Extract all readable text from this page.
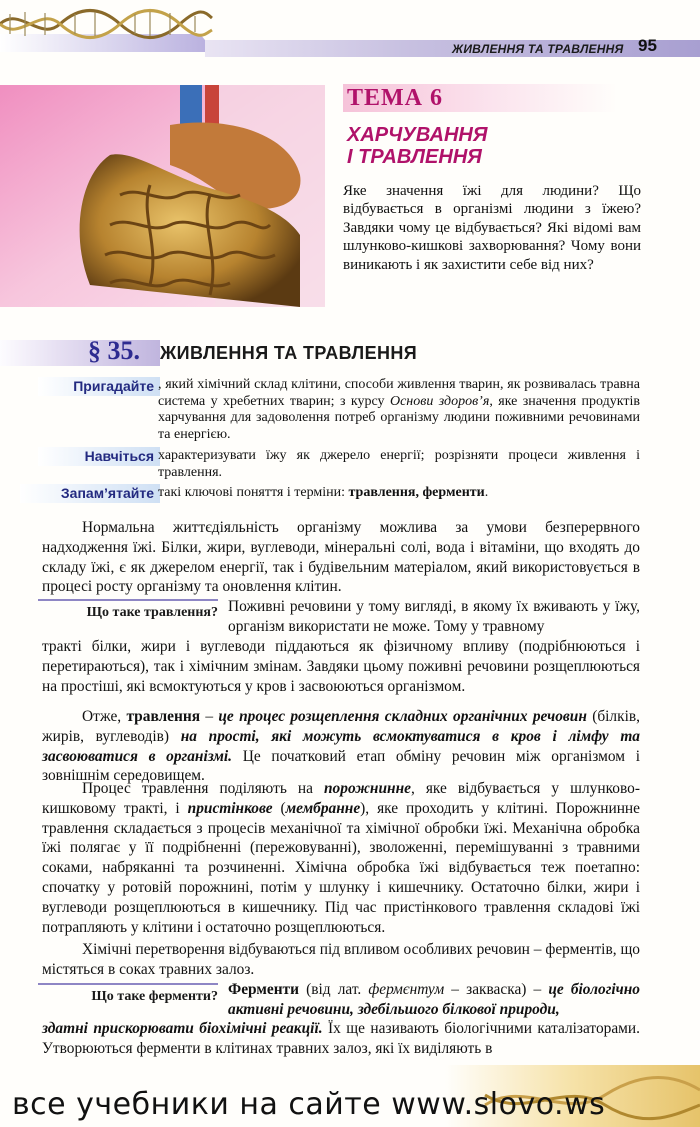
ЖИВЛЕННЯ ТА ТРАВЛЕННЯ 95
ТЕМА 6
ХАРЧУВАННЯ
І ТРАВЛЕННЯ
Яке значення їжі для людини? Що відбувається в організмі людини з їжею? Завдяки чому це відбувається? Які відомі вам шлунково-кишкові захворювання? Чому вони виникають і як захистити себе від них?
§ 35. ЖИВЛЕННЯ ТА ТРАВЛЕННЯ
Пригадайте , який хімічний склад клітини, способи живлення тварин, як розвивалась травна система у хребетних тварин; з курсу Основи здоров’я, яке значення продуктів харчування для задоволення потреб організму людини поживними речовинами та енергією.
Навчіться характеризувати їжу як джерело енергії; розрізняти процеси живлення і травлення.
Запам’ятайте такі ключові поняття і терміни: травлення, ферменти.

Нормальна життєдіяльність організму можлива за умови безперервного надходження їжі. Білки, жири, вуглеводи, мінеральні солі, вода і вітаміни, що входять до складу їжі, є як джерелом енергії, так і будівельним матеріалом, який використовується в процесі росту організму та оновлення клітин.

Що таке травлення? Поживні речовини у тому вигляді, в якому їх вживають у їжу, організм використати не може. Тому у травному

тракті білки, жири і вуглеводи піддаються як фізичному впливу (подрібнюються і перетираються), так і хімічним змінам. Завдяки цьому поживні речовини розщеплюються на простіші, які всмоктуються у кров і засвоюються організмом.

Отже, травлення – це процес розщеплення складних органічних речовин (білків, жирів, вуглеводів) на прості, які можуть всмоктуватися в кров і лімфу та засвоюватися в організмі. Це початковий етап обміну речовин між організмом і зовнішнім середовищем.

Процес травлення поділяють на порожнинне, яке відбувається у шлунково-кишковому тракті, і пристінкове (мембранне), яке проходить у клітині. Порожнинне травлення складається з процесів механічної та хімічної обробки їжі. Механічна обробка їжі полягає у її подрібненні (пережовуванні), зволоженні, перемішуванні з травними соками, набряканні та розчиненні. Хімічна обробка їжі відбувається теж поетапно: спочатку у ротовій порожнині, потім у шлунку і кишечнику. Остаточно білки, жири і вуглеводи розщеплюються в кишечнику. Під час пристінкового травлення складові їжі потрапляють у клітини і остаточно розщеплюються.

Хімічні перетворення відбуваються під впливом особливих речовин – ферментів, що містяться в соках травних залоз.

Що таке ферменти? Ферменти (від лат. фермєнтум – закваска) – це біологічно активні речовини, здебільшого білкової природи,

здатні прискорювати біохімічні реакції. Їх ще називають біологічними каталізаторами. Утворюються ферменти в клітинах травних залоз, які їх виділяють в

все учебники на сайте www.slovo.ws
